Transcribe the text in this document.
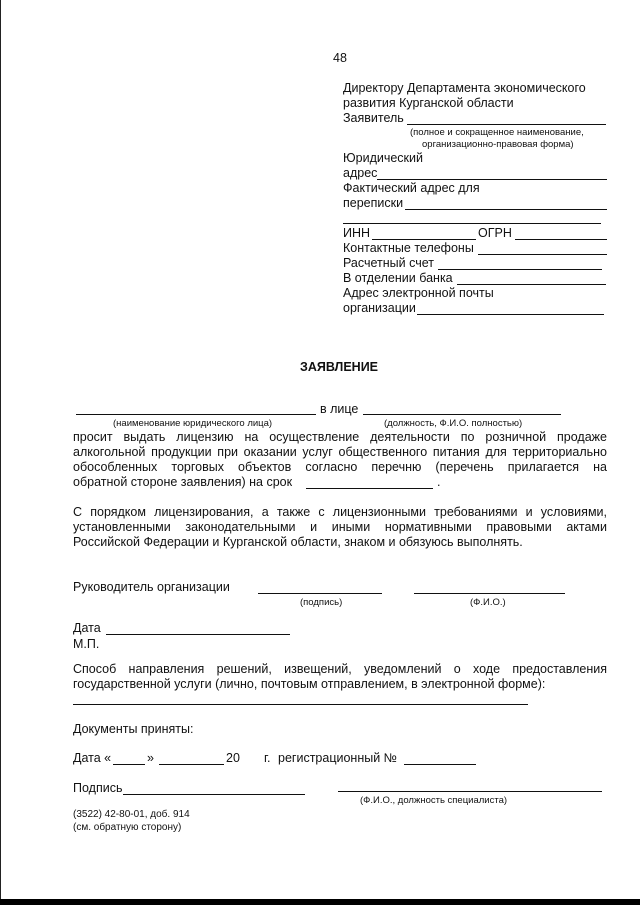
48
Директору Департамента экономического
развития Курганской области
Заявитель
(полное и сокращенное наименование,
организационно-правовая форма)
Юридический
адрес
Фактический адрес для
переписки
ИНН	ОГРН
Контактные телефоны
Расчетный счет
В отделении банка
Адрес электронной почты
организации
ЗАЯВЛЕНИЕ
в лице
(наименование юридического лица)	(должность, Ф.И.О. полностью)
просит выдать лицензию на осуществление деятельности по розничной продаже
алкогольной продукции при оказании услуг общественного питания для территориально
обособленных торговых объектов согласно перечню (перечень прилагается на
обратной стороне заявления) на срок	.
С порядком лицензирования, а также с лицензионными требованиями и условиями,
установленными законодательными и иными нормативными правовыми актами
Российской Федерации и Курганской области, знаком и обязуюсь выполнять.
Руководитель организации
(подпись)	(Ф.И.О.)
Дата
М.П.
Способ направления решений, извещений, уведомлений о ходе предоставления
государственной услуги (лично, почтовым отправлением, в электронной форме):
Документы приняты:
Дата «	»	20 г. регистрационный №
Подпись
(Ф.И.О., должность специалиста)
(3522) 42-80-01, доб. 914
(см. обратную сторону)
